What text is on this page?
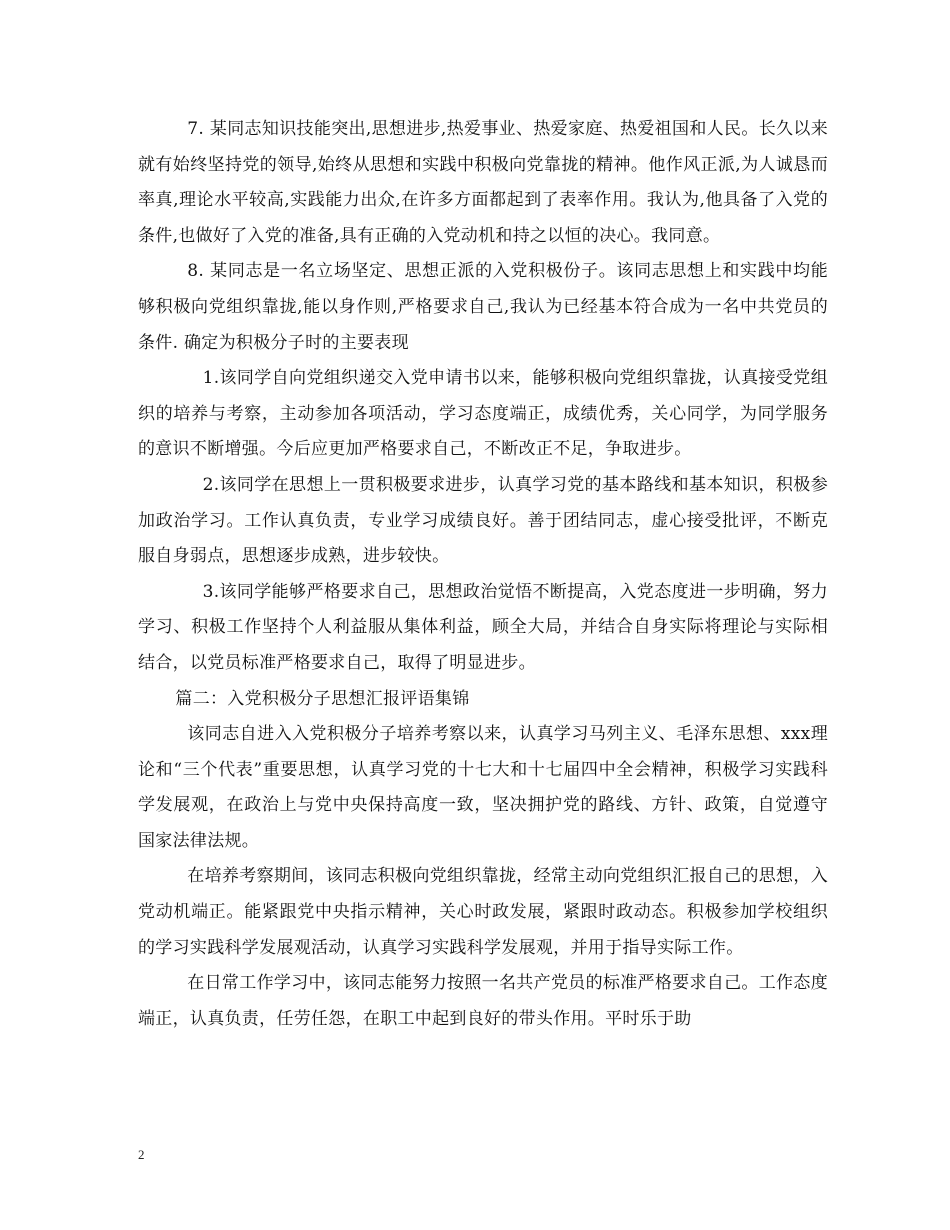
7. 某同志知识技能突出,思想进步,热爱事业、热爱家庭、热爱祖国和人民。长久以来就有始终坚持党的领导,始终从思想和实践中积极向党靠拢的精神。他作风正派,为人诚恳而率真,理论水平较高,实践能力出众,在许多方面都起到了表率作用。我认为,他具备了入党的条件,也做好了入党的准备,具有正确的入党动机和持之以恒的决心。我同意。

8. 某同志是一名立场坚定、思想正派的入党积极份子。该同志思想上和实践中均能够积极向党组织靠拢,能以身作则,严格要求自己,我认为已经基本符合成为一名中共党员的条件. 确定为积极分子时的主要表现

1.该同学自向党组织递交入党申请书以来，能够积极向党组织靠拢，认真接受党组织的培养与考察，主动参加各项活动，学习态度端正，成绩优秀，关心同学，为同学服务的意识不断增强。今后应更加严格要求自己，不断改正不足，争取进步。

2.该同学在思想上一贯积极要求进步，认真学习党的基本路线和基本知识，积极参加政治学习。工作认真负责，专业学习成绩良好。善于团结同志，虚心接受批评，不断克服自身弱点，思想逐步成熟，进步较快。

3.该同学能够严格要求自己，思想政治觉悟不断提高，入党态度进一步明确，努力学习、积极工作坚持个人利益服从集体利益，顾全大局，并结合自身实际将理论与实际相结合，以党员标准严格要求自己，取得了明显进步。

篇二：入党积极分子思想汇报评语集锦

该同志自进入入党积极分子培养考察以来，认真学习马列主义、毛泽东思想、xxx理论和“三个代表”重要思想，认真学习党的十七大和十七届四中全会精神，积极学习实践科学发展观，在政治上与党中央保持高度一致，坚决拥护党的路线、方针、政策，自觉遵守国家法律法规。

在培养考察期间，该同志积极向党组织靠拢，经常主动向党组织汇报自己的思想，入党动机端正。能紧跟党中央指示精神，关心时政发展，紧跟时政动态。积极参加学校组织的学习实践科学发展观活动，认真学习实践科学发展观，并用于指导实际工作。

在日常工作学习中，该同志能努力按照一名共产党员的标准严格要求自己。工作态度端正，认真负责，任劳任怨，在职工中起到良好的带头作用。平时乐于助

2
